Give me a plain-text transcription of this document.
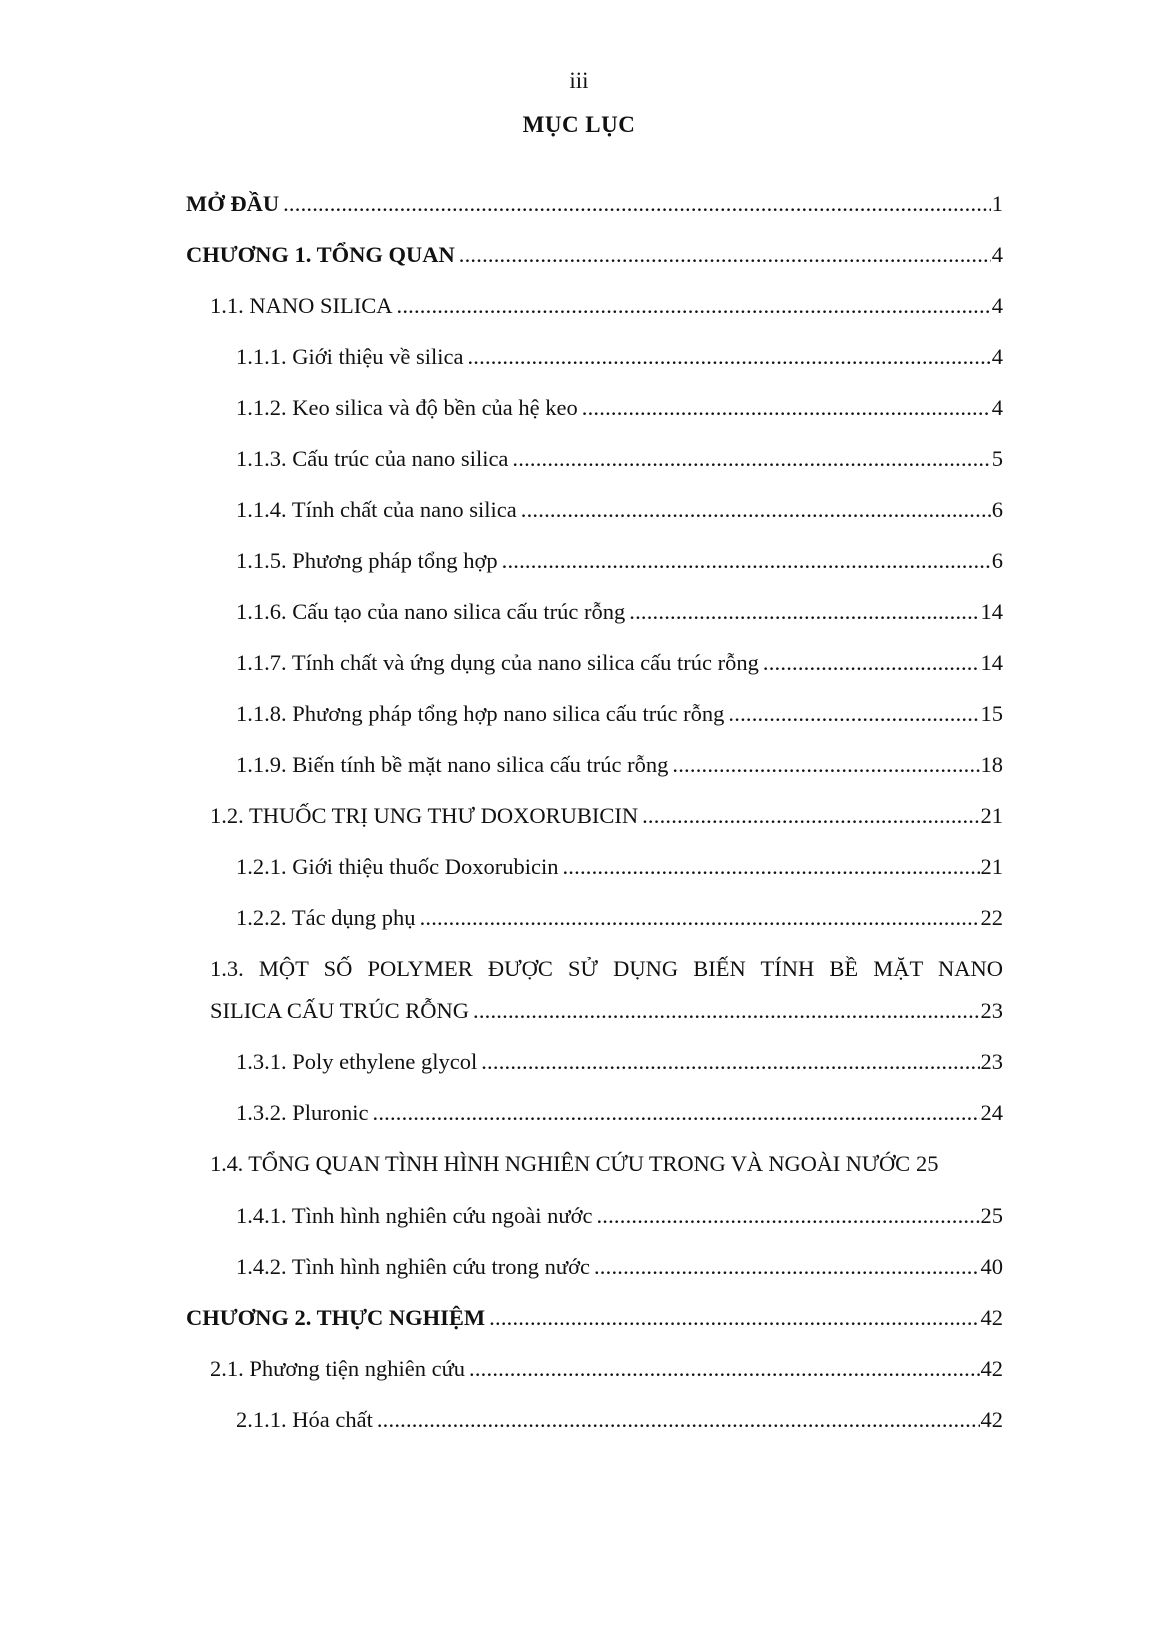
iii
MỤC LỤC
MỞ ĐẦU .....	1
CHƯƠNG 1. TỔNG QUAN .....	4
1.1. NANO SILICA .....	4
1.1.1. Giới thiệu về silica .....	4
1.1.2. Keo silica và độ bền của hệ keo .....	4
1.1.3. Cấu trúc của nano silica .....	5
1.1.4. Tính chất của nano silica .....	6
1.1.5. Phương pháp tổng hợp .....	6
1.1.6. Cấu tạo của nano silica cấu trúc rỗng .....	14
1.1.7. Tính chất và ứng dụng của nano silica cấu trúc rỗng .....	14
1.1.8. Phương pháp tổng hợp nano silica cấu trúc rỗng .....	15
1.1.9. Biến tính bề mặt nano silica cấu trúc rỗng .....	18
1.2. THUỐC TRỊ UNG THƯ DOXORUBICIN .....	21
1.2.1. Giới thiệu thuốc Doxorubicin .....	21
1.2.2. Tác dụng phụ .....	22
1.3. MỘT SỐ POLYMER ĐƯỢC SỬ DỤNG BIẾN TÍNH BỀ MẶT NANO
SILICA CẤU TRÚC RỖNG .....	23
1.3.1. Poly ethylene glycol .....	23
1.3.2. Pluronic .....	24
1.4. TỔNG QUAN TÌNH HÌNH NGHIÊN CỨU TRONG VÀ NGOÀI NƯỚC 25
1.4.1. Tình hình nghiên cứu ngoài nước .....	25
1.4.2. Tình hình nghiên cứu trong nước .....	40
CHƯƠNG 2. THỰC NGHIỆM .....	42
2.1. Phương tiện nghiên cứu .....	42
2.1.1. Hóa chất .....	42
